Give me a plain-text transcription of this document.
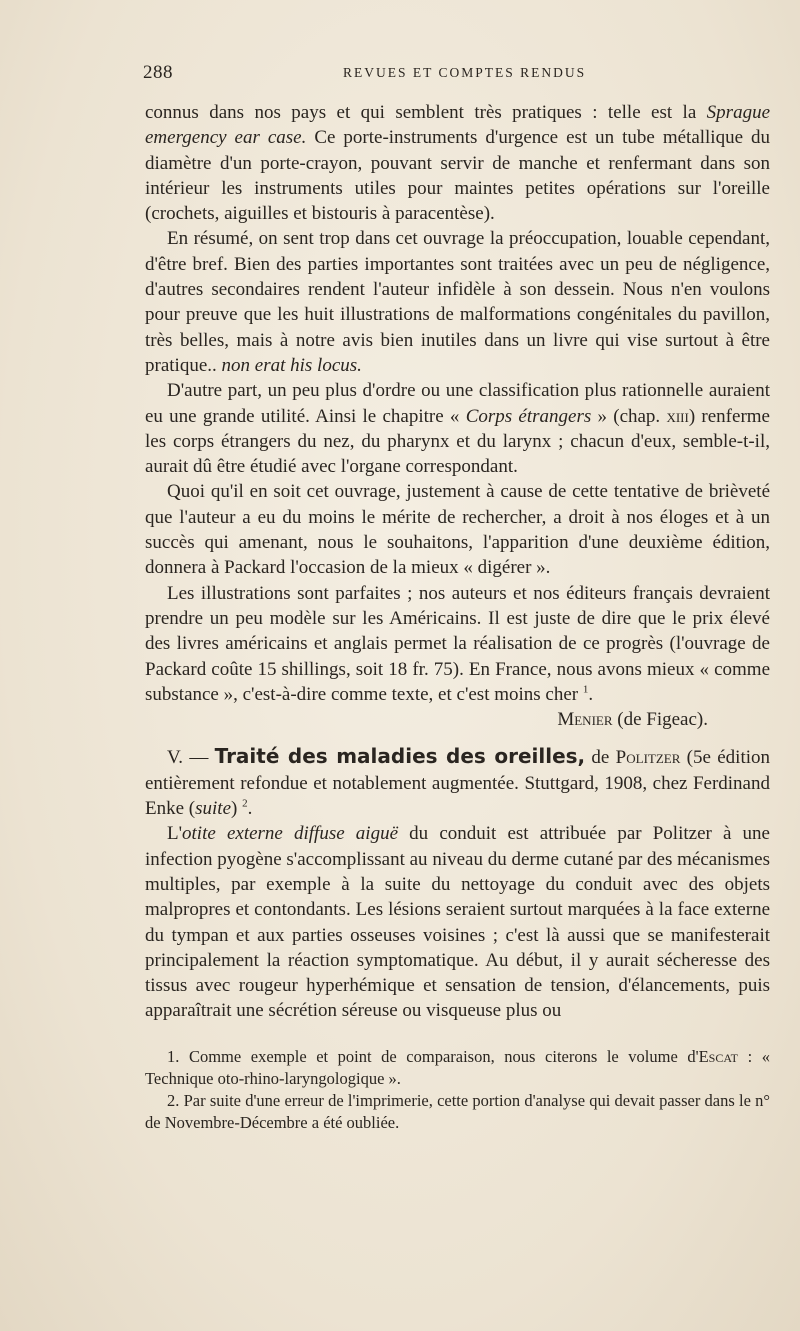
288	REVUES ET COMPTES RENDUS

connus dans nos pays et qui semblent très pratiques : telle est la Sprague emergency ear case. Ce porte-instruments d'urgence est un tube métallique du diamètre d'un porte-crayon, pouvant servir de manche et renfermant dans son intérieur les instruments utiles pour maintes petites opérations sur l'oreille (crochets, aiguilles et bistouris à paracentèse).

En résumé, on sent trop dans cet ouvrage la préoccupation, louable cependant, d'être bref. Bien des parties importantes sont traitées avec un peu de négligence, d'autres secondaires rendent l'auteur infidèle à son dessein. Nous n'en voulons pour preuve que les huit illustrations de malformations congénitales du pavillon, très belles, mais à notre avis bien inutiles dans un livre qui vise surtout à être pratique.. non erat his locus.

D'autre part, un peu plus d'ordre ou une classification plus rationnelle auraient eu une grande utilité. Ainsi le chapitre « Corps étrangers » (chap. xiii) renferme les corps étrangers du nez, du pharynx et du larynx ; chacun d'eux, semble-t-il, aurait dû être étudié avec l'organe correspondant.

Quoi qu'il en soit cet ouvrage, justement à cause de cette tentative de brièveté que l'auteur a eu du moins le mérite de rechercher, a droit à nos éloges et à un succès qui amenant, nous le souhaitons, l'apparition d'une deuxième édition, donnera à Packard l'occasion de la mieux « digérer ».

Les illustrations sont parfaites ; nos auteurs et nos éditeurs français devraient prendre un peu modèle sur les Américains. Il est juste de dire que le prix élevé des livres américains et anglais permet la réalisation de ce progrès (l'ouvrage de Packard coûte 15 shillings, soit 18 fr. 75). En France, nous avons mieux « comme substance », c'est-à-dire comme texte, et c'est moins cher $^1$.

Menier (de Figeac).

V. — Traité des maladies des oreilles, de Politzer (5e édition entièrement refondue et notablement augmentée. Stuttgard, 1908, chez Ferdinand Enke (suite) $^2$.

L'otite externe diffuse aiguë du conduit est attribuée par Politzer à une infection pyogène s'accomplissant au niveau du derme cutané par des mécanismes multiples, par exemple à la suite du nettoyage du conduit avec des objets malpropres et contondants. Les lésions seraient surtout marquées à la face externe du tympan et aux parties osseuses voisines ; c'est là aussi que se manifesterait principalement la réaction symptomatique. Au début, il y aurait sécheresse des tissus avec rougeur hyperhémique et sensation de tension, d'élancements, puis apparaîtrait une sécrétion séreuse ou visqueuse plus ou

1. Comme exemple et point de comparaison, nous citerons le volume d'Escat : « Technique oto-rhino-laryngologique ».

2. Par suite d'une erreur de l'imprimerie, cette portion d'analyse qui devait passer dans le n° de Novembre-Décembre a été oubliée.
